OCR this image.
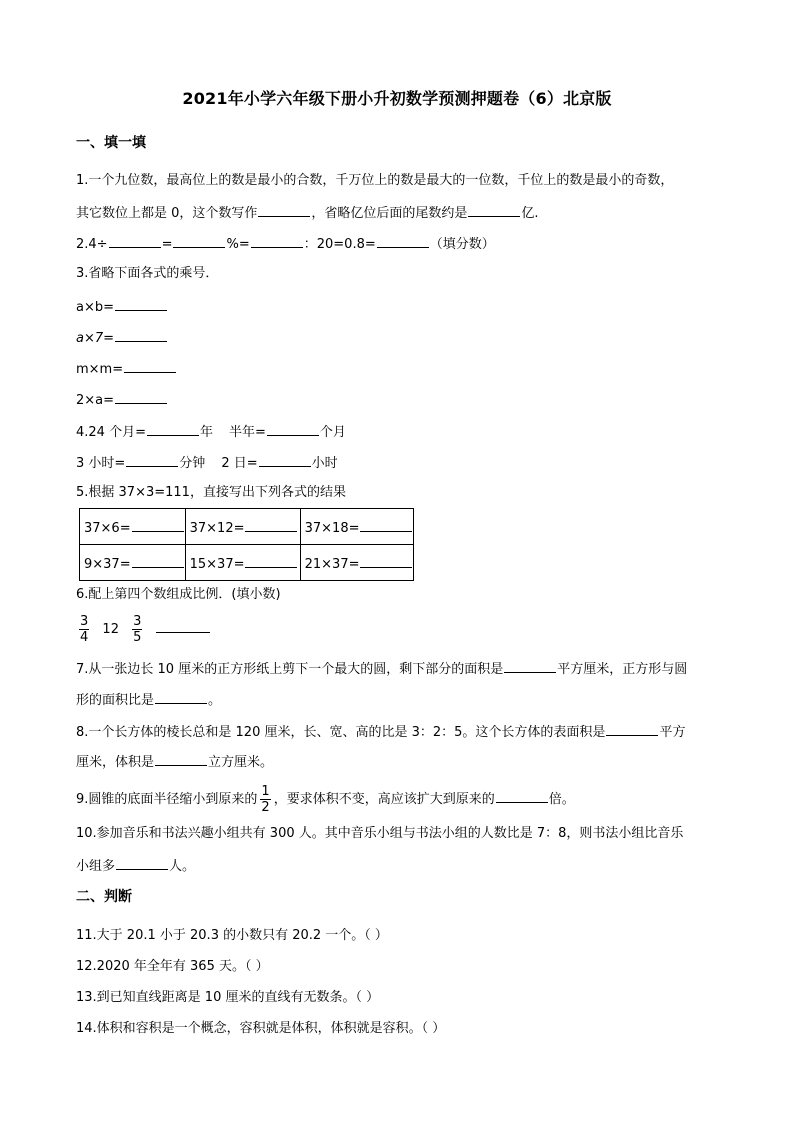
2021年小学六年级下册小升初数学预测押题卷（6）北京版
一、填一填
1.一个九位数，最高位上的数是最小的合数，千万位上的数是最大的一位数，千位上的数是最小的奇数，
其它数位上都是 0，这个数写作	，省略亿位后面的尾数约是	亿.
2.4÷	=	%=	：20=0.8=	（填分数）
3.省略下面各式的乘号．
a×b=
a×7=
m×m=
2×a=
4.24 个月=	年 半年=	个月
3 小时=	分钟 2 日=	小时
5.根据 37×3=111，直接写出下列各式的结果
37×6=	37×12=	37×18=
9×37=	15×37=	21×37=
6.配上第四个数组成比例．(填小数)
$\frac{3}{4} 12 \frac{3}{5}$

7.从一张边长 10 厘米的正方形纸上剪下一个最大的圆，剩下部分的面积是	平方厘米，正方形与圆
形的面积比是	。
8.一个长方体的棱长总和是 120 厘米，长、宽、高的比是 3：2：5。这个长方体的表面积是	平方
厘米，体积是	立方厘米。
9.圆锥的底面半径缩小到原来的 $\frac{1}{2}$ ，要求体积不变，高应该扩大到原来的	倍。
10.参加音乐和书法兴趣小组共有 300 人。其中音乐小组与书法小组的人数比是 7：8，则书法小组比音乐
小组多	人。
二、判断
11.大于 20.1 小于 20.3 的小数只有 20.2 一个。（ ）
12.2020 年全年有 365 天。（ ）
13.到已知直线距离是 10 厘米的直线有无数条。（ ）
14.体积和容积是一个概念，容积就是体积，体积就是容积。（ ）
